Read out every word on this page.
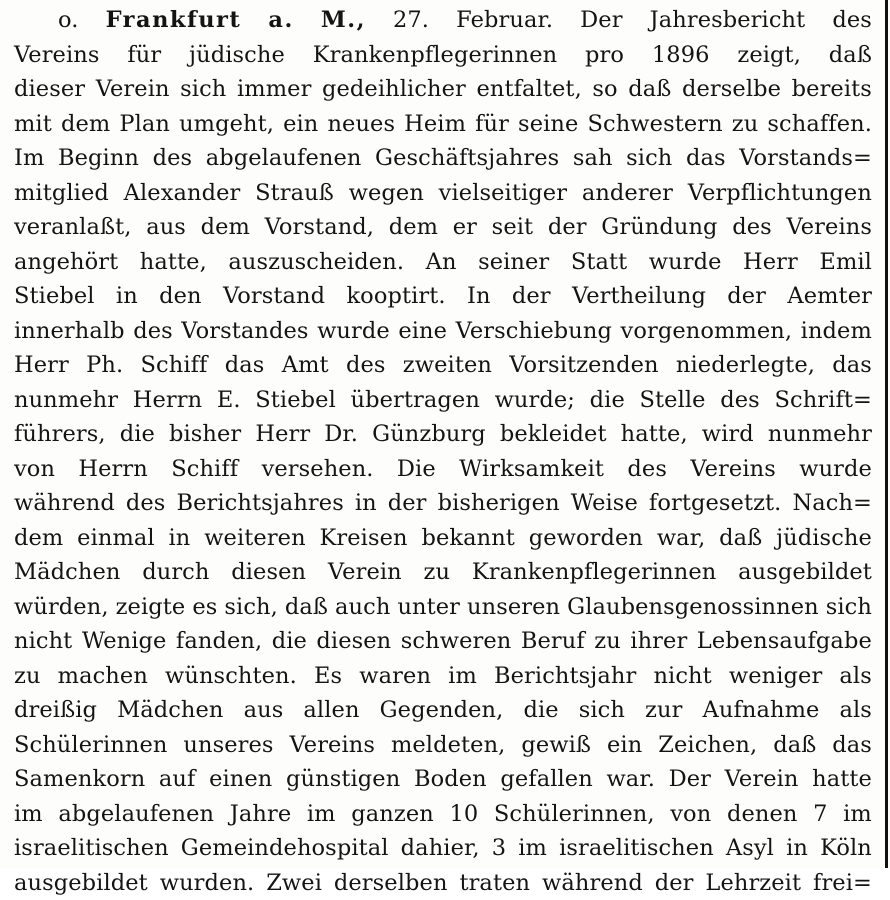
o. Frankfurt a. M., 27. Februar. Der Jahresbericht des
Vereins für jüdische Krankenpflegerinnen pro 1896 zeigt, daß
dieser Verein sich immer gedeihlicher entfaltet, so daß derselbe bereits
mit dem Plan umgeht, ein neues Heim für seine Schwestern zu schaffen.
Im Beginn des abgelaufenen Geschäftsjahres sah sich das Vorstands=
mitglied Alexander Strauß wegen vielseitiger anderer Verpflichtungen
veranlaßt, aus dem Vorstand, dem er seit der Gründung des Vereins
angehört hatte, auszuscheiden. An seiner Statt wurde Herr Emil
Stiebel in den Vorstand kooptirt. In der Vertheilung der Aemter
innerhalb des Vorstandes wurde eine Verschiebung vorgenommen, indem
Herr Ph. Schiff das Amt des zweiten Vorsitzenden niederlegte, das
nunmehr Herrn E. Stiebel übertragen wurde; die Stelle des Schrift=
führers, die bisher Herr Dr. Günzburg bekleidet hatte, wird nunmehr
von Herrn Schiff versehen. Die Wirksamkeit des Vereins wurde
während des Berichtsjahres in der bisherigen Weise fortgesetzt. Nach=
dem einmal in weiteren Kreisen bekannt geworden war, daß jüdische
Mädchen durch diesen Verein zu Krankenpflegerinnen ausgebildet
würden, zeigte es sich, daß auch unter unseren Glaubensgenossinnen sich
nicht Wenige fanden, die diesen schweren Beruf zu ihrer Lebensaufgabe
zu machen wünschten. Es waren im Berichtsjahr nicht weniger als
dreißig Mädchen aus allen Gegenden, die sich zur Aufnahme als
Schülerinnen unseres Vereins meldeten, gewiß ein Zeichen, daß das
Samenkorn auf einen günstigen Boden gefallen war. Der Verein hatte
im abgelaufenen Jahre im ganzen 10 Schülerinnen, von denen 7 im
israelitischen Gemeindehospital dahier, 3 im israelitischen Asyl in Köln
ausgebildet wurden. Zwei derselben traten während der Lehrzeit frei=
